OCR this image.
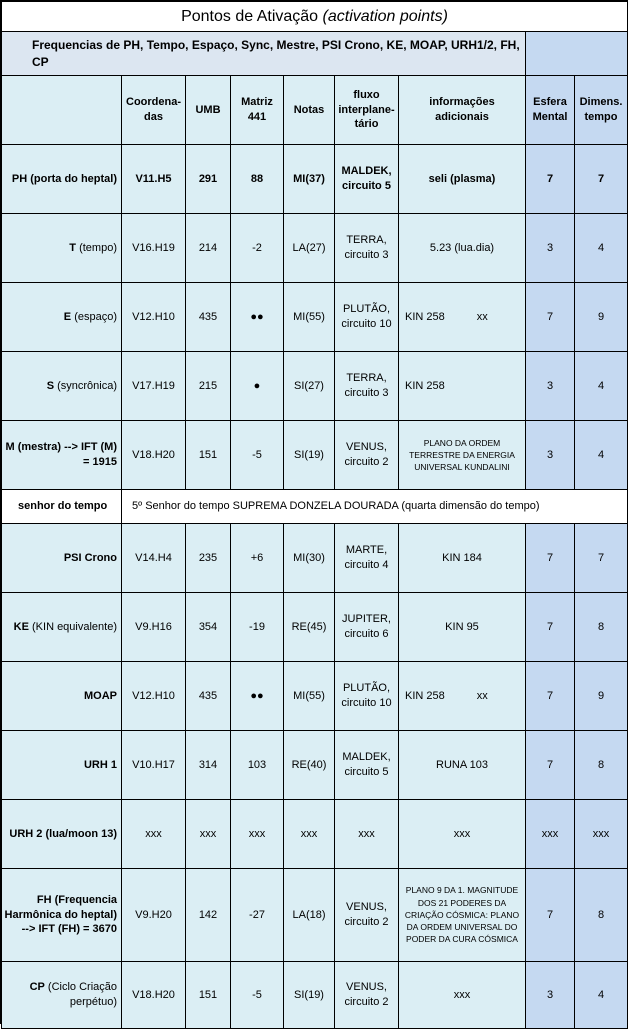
Pontos de Ativação (activation points)								
Frequencias de PH, Tempo, Espaço, Sync, Mestre, PSI Crono, KE, MOAP, URH1/2, FH, CP								
	Coordena-das	UMB	Matriz 441	Notas	fluxo interplane-tário	informações adicionais	Esfera Mental	Dimens. tempo
PH (porta do heptal)	V11.H5	291	88	MI(37)	MALDEK, circuito 5	seli (plasma)	7	7
T (tempo)	V16.H19	214	-2	LA(27)	TERRA, circuito 3	5.23 (lua.dia)	3	4
E (espaço)	V12.H10	435	●●	MI(55)	PLUTÃO, circuito 10	KIN 258 xx	7	9
S (syncrônica)	V17.H19	215	●	SI(27)	TERRA, circuito 3	KIN 258	3	4
M (mestra) --> IFT (M) = 1915	V18.H20	151	-5	SI(19)	VENUS, circuito 2	PLANO DA ORDEM TERRESTRE DA ENERGIA UNIVERSAL KUNDALINI	3	4
senhor do tempo	5º Senhor do tempo SUPREMA DONZELA DOURADA (quarta dimensão do tempo)							
PSI Crono	V14.H4	235	+6	MI(30)	MARTE, circuito 4	KIN 184	7	7
KE (KIN equivalente)	V9.H16	354	-19	RE(45)	JUPITER, circuito 6	KIN 95	7	8
MOAP	V12.H10	435	●●	MI(55)	PLUTÃO, circuito 10	KIN 258 xx	7	9
URH 1	V10.H17	314	103	RE(40)	MALDEK, circuito 5	RUNA 103	7	8
URH 2 (lua/moon 13)	xxx	xxx	xxx	xxx	xxx	xxx	xxx	xxx
FH (Frequencia Harmônica do heptal) --> IFT (FH) = 3670	V9.H20	142	-27	LA(18)	VENUS, circuito 2	PLANO 9 DA 1. MAGNITUDE DOS 21 PODERES DA CRIAÇÃO CÓSMICA: PLANO DA ORDEM UNIVERSAL DO PODER DA CURA CÓSMICA	7	8
CP (Ciclo Criação perpétuo)	V18.H20	151	-5	SI(19)	VENUS, circuito 2	xxx	3	4
